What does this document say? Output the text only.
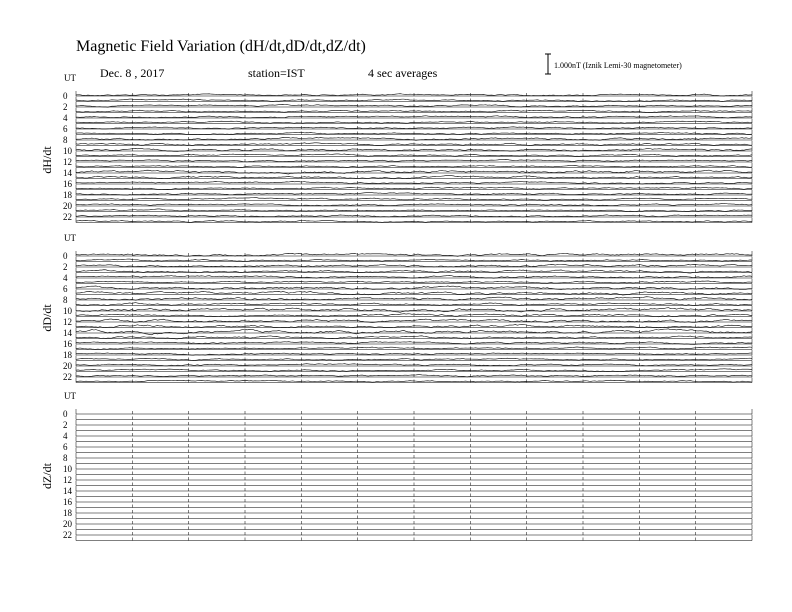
Magnetic Field Variation (dH/dt,dD/dt,dZ/dt)
Dec. 8 , 2017	station=IST	4 sec averages
1.000nT (Iznik Lemi-30 magnetometer)
UT
dH/dt
0
2
4
6
8
10
12
14
16
18
20
22
UT
dD/dt
0
2
4
6
8
10
12
14
16
18
20
22
UT
dZ/dt
0
2
4
6
8
10
12
14
16
18
20
22
